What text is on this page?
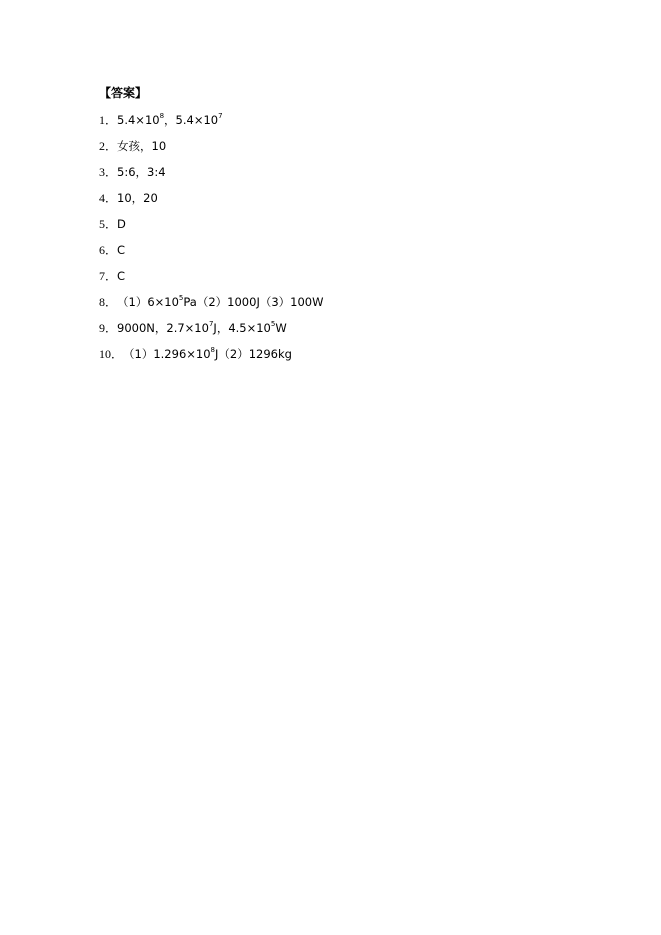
【答案】
1． $5.4\times 10^8$，$5.4\times 10^7$
2． 女孩，10
3． 5:6，3:4
4． 10，20
5． D
6． C
7． C
8． $(1)6\times 10^5Pa(2)1000J(3)100W$
9． 9000N，$2.7\times 10^7J$，$4.5\times 10^5W$
10． $(1)1.296\times 10^8J(2)1296kg$
